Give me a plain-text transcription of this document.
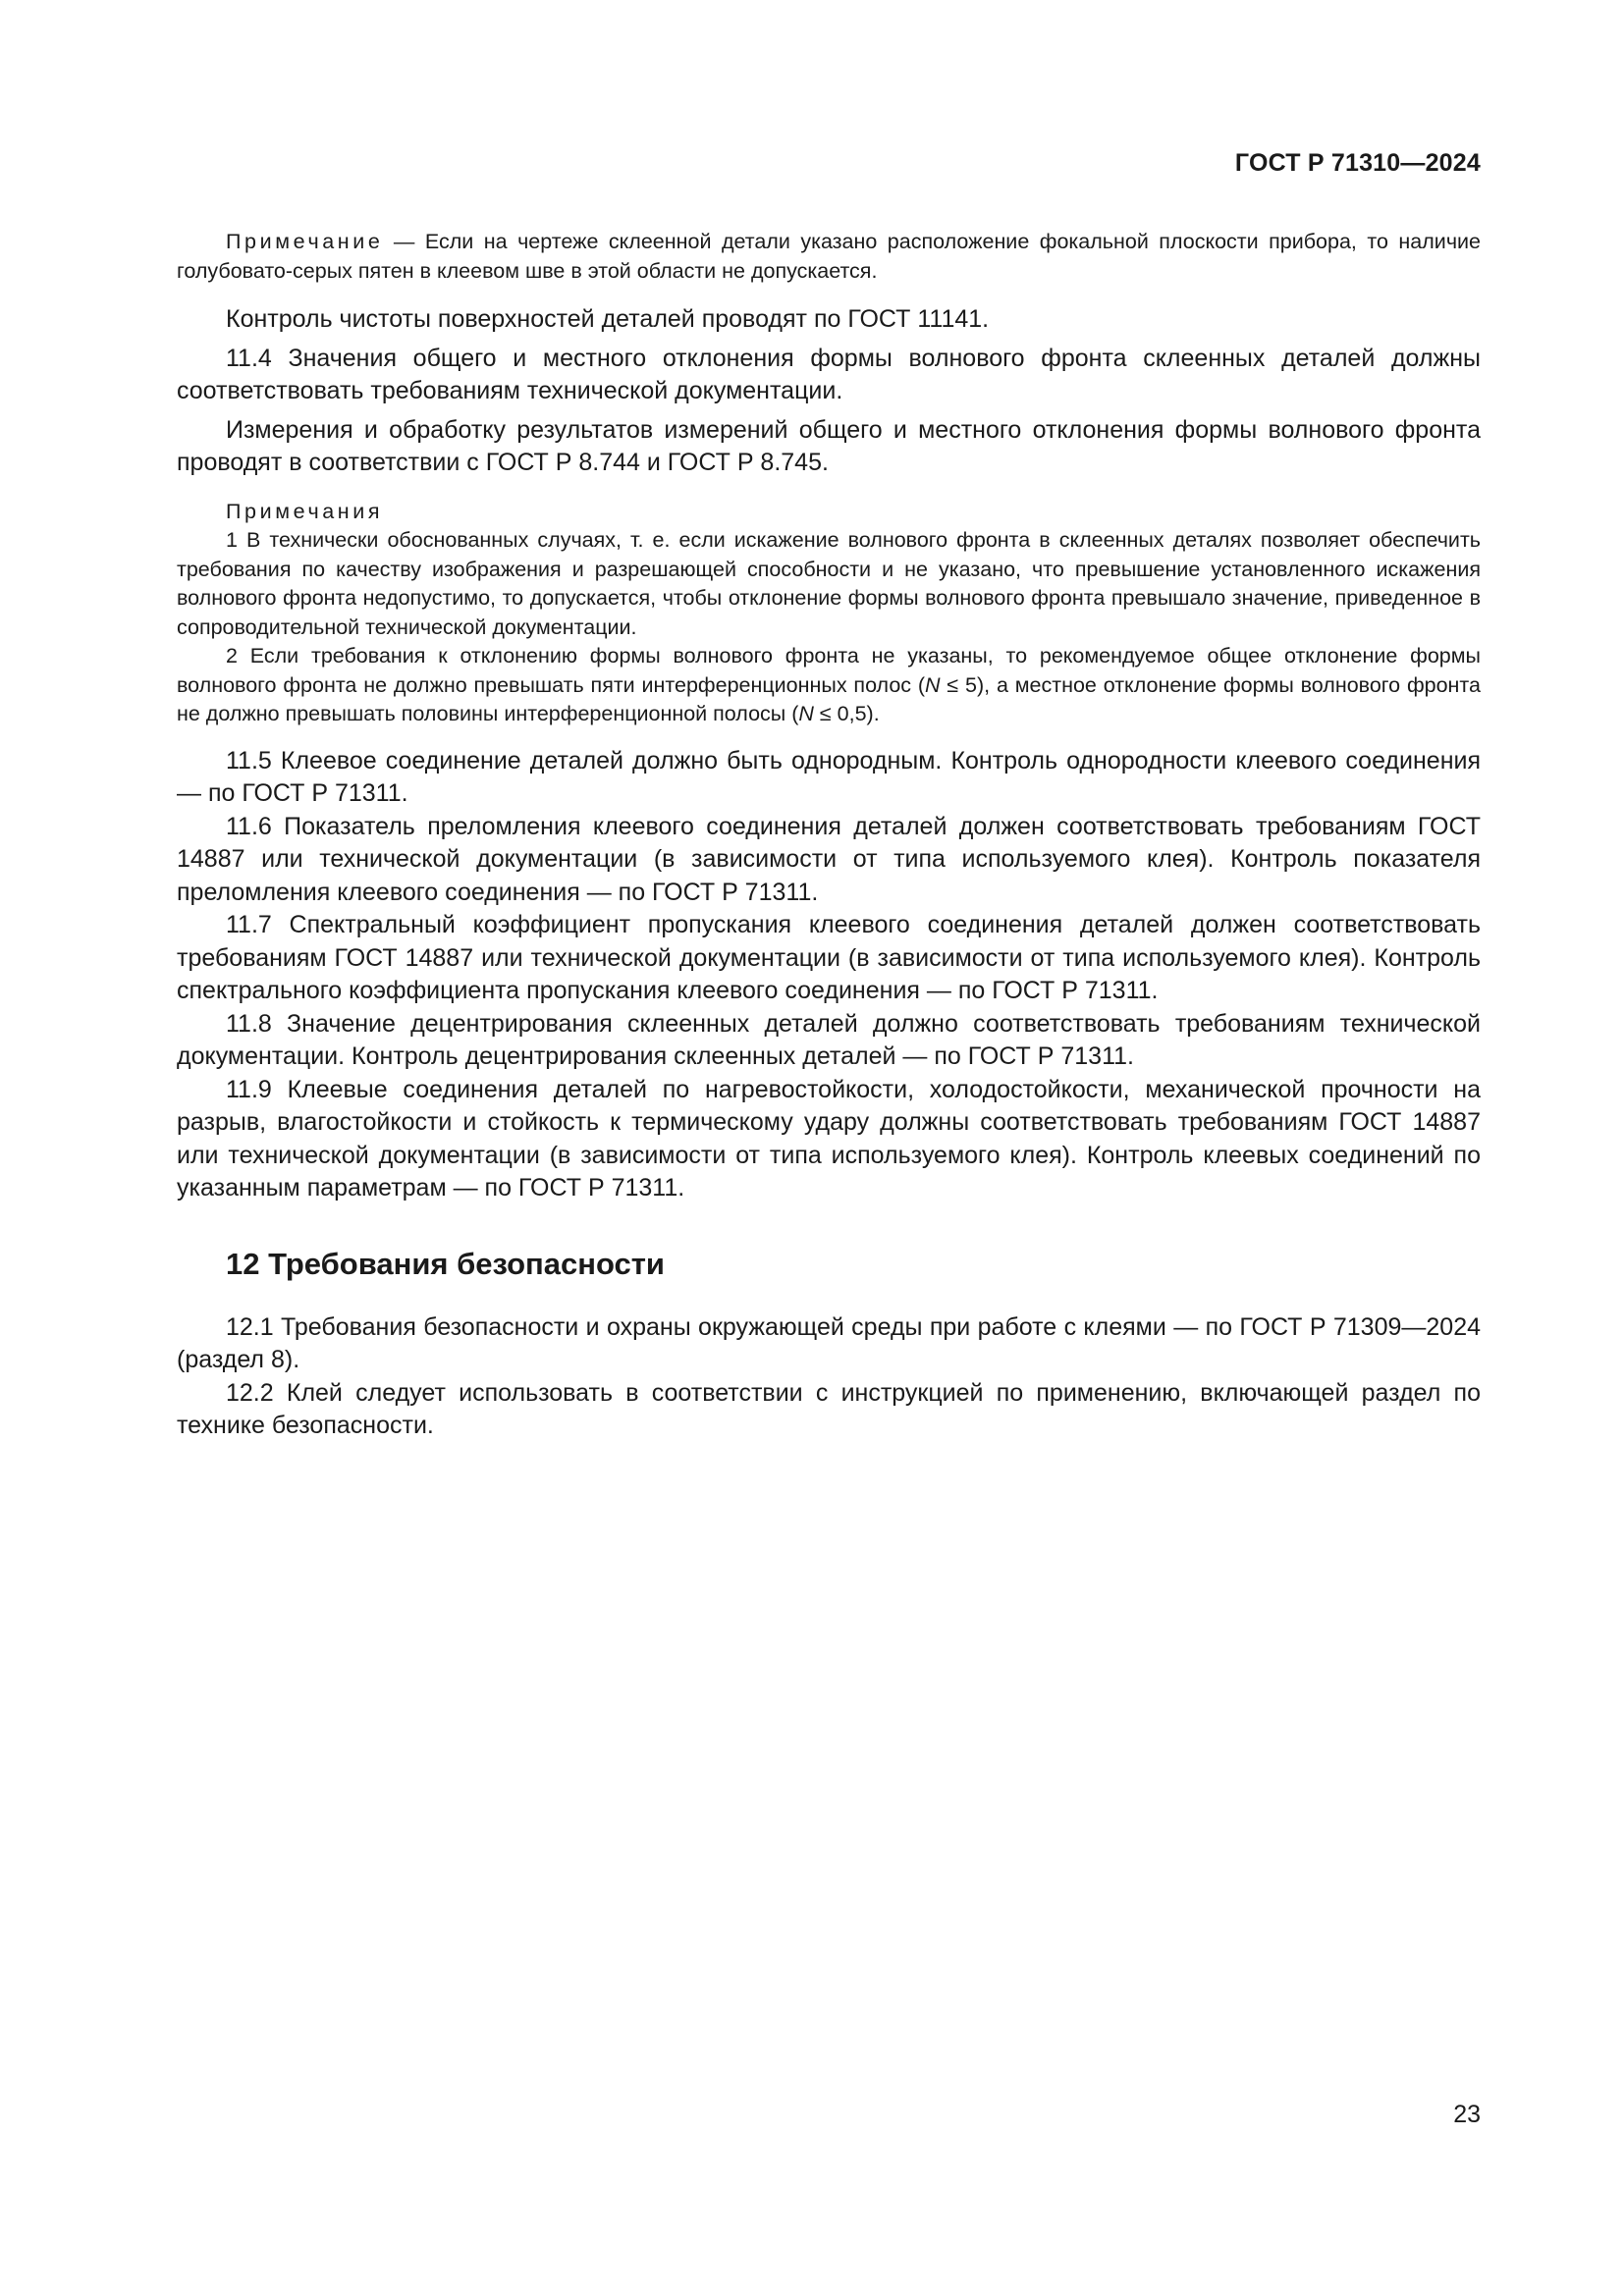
ГОСТ Р 71310—2024

Примечание — Если на чертеже склеенной детали указано расположение фокальной плоскости прибора, то наличие голубовато-серых пятен в клеевом шве в этой области не допускается.

Контроль чистоты поверхностей деталей проводят по ГОСТ 11141.

11.4 Значения общего и местного отклонения формы волнового фронта склеенных деталей должны соответствовать требованиям технической документации.

Измерения и обработку результатов измерений общего и местного отклонения формы волнового фронта проводят в соответствии с ГОСТ Р 8.744 и ГОСТ Р 8.745.

Примечания

1 В технически обоснованных случаях, т. е. если искажение волнового фронта в склеенных деталях позволяет обеспечить требования по качеству изображения и разрешающей способности и не указано, что превышение установленного искажения волнового фронта недопустимо, то допускается, чтобы отклонение формы волнового фронта превышало значение, приведенное в сопроводительной технической документации.

2 Если требования к отклонению формы волнового фронта не указаны, то рекомендуемое общее отклонение формы волнового фронта не должно превышать пяти интерференционных полос (N ≤ 5), а местное отклонение формы волнового фронта не должно превышать половины интерференционной полосы (N ≤ 0,5).

11.5 Клеевое соединение деталей должно быть однородным. Контроль однородности клеевого соединения — по ГОСТ Р 71311.

11.6 Показатель преломления клеевого соединения деталей должен соответствовать требованиям ГОСТ 14887 или технической документации (в зависимости от типа используемого клея). Контроль показателя преломления клеевого соединения — по ГОСТ Р 71311.

11.7 Спектральный коэффициент пропускания клеевого соединения деталей должен соответствовать требованиям ГОСТ 14887 или технической документации (в зависимости от типа используемого клея). Контроль спектрального коэффициента пропускания клеевого соединения — по ГОСТ Р 71311.

11.8 Значение децентрирования склеенных деталей должно соответствовать требованиям технической документации. Контроль децентрирования склеенных деталей — по ГОСТ Р 71311.

11.9 Клеевые соединения деталей по нагревостойкости, холодостойкости, механической прочности на разрыв, влагостойкости и стойкость к термическому удару должны соответствовать требованиям ГОСТ 14887 или технической документации (в зависимости от типа используемого клея). Контроль клеевых соединений по указанным параметрам — по ГОСТ Р 71311.

12 Требования безопасности

12.1 Требования безопасности и охраны окружающей среды при работе с клеями — по ГОСТ Р 71309—2024 (раздел 8).

12.2 Клей следует использовать в соответствии с инструкцией по применению, включающей раздел по технике безопасности.

23
